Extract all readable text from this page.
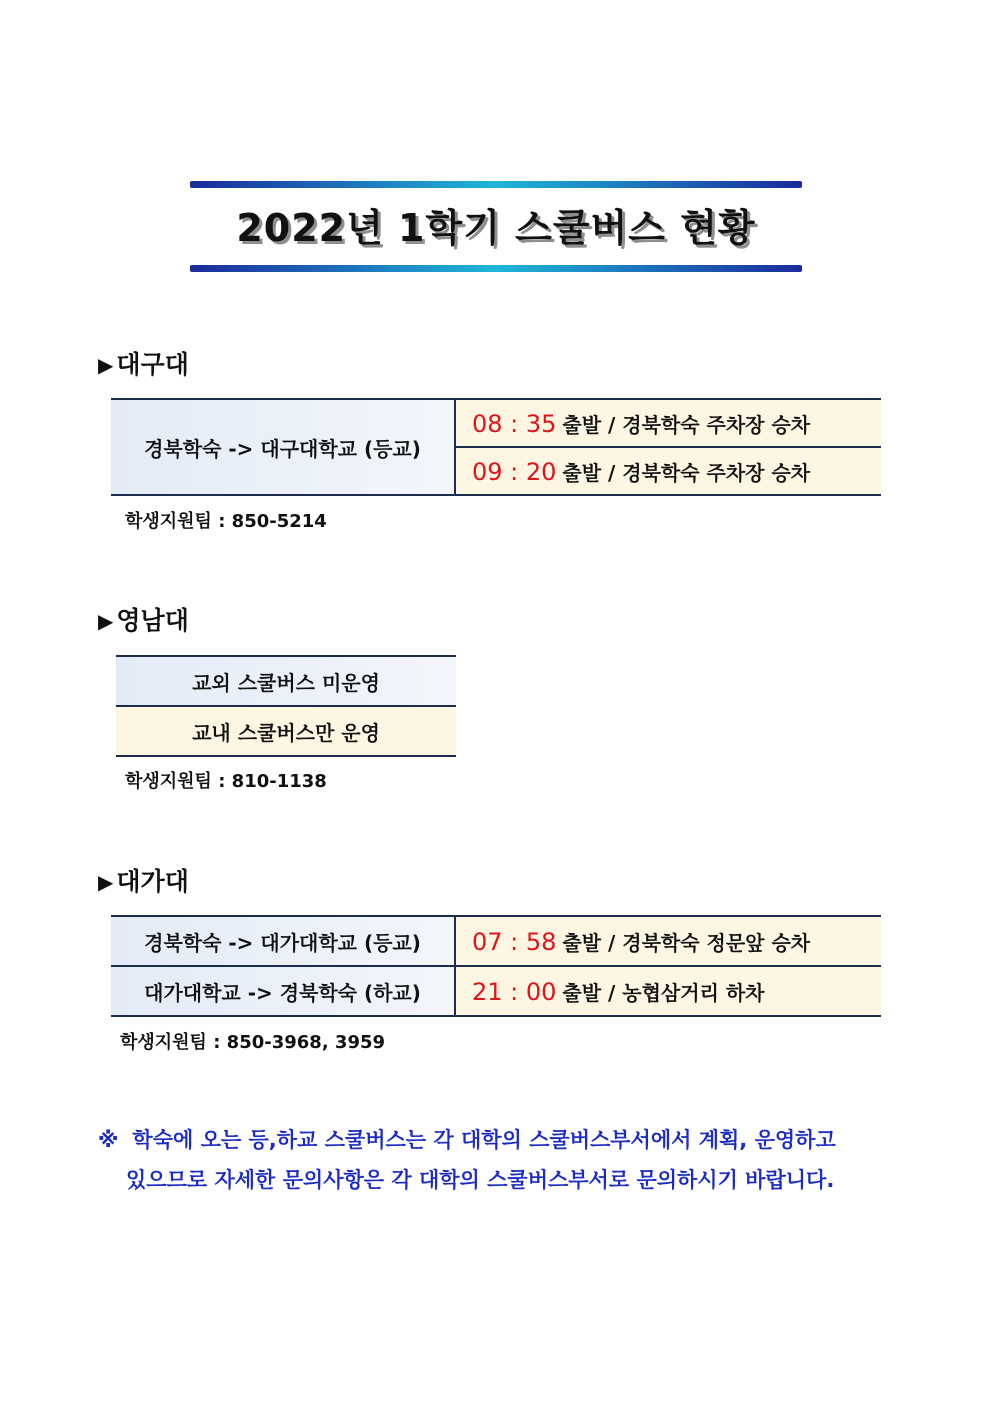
2022년 1학기 스쿨버스 현황
▶ 대구대
경북학숙 -> 대구대학교 (등교)	08 : 35 출발 / 경북학숙 주차장 승차
09 : 20 출발 / 경북학숙 주차장 승차
학생지원팀 : 850-5214
▶ 영남대
교외 스쿨버스 미운영
교내 스쿨버스만 운영
학생지원팀 : 810-1138
▶ 대가대
경북학숙 -> 대가대학교 (등교)	07 : 58 출발 / 경북학숙 정문앞 승차
대가대학교 -> 경북학숙 (하교)	21 : 00 출발 / 농협삼거리 하차
학생지원팀 : 850-3968, 3959
※ 학숙에 오는 등,하교 스쿨버스는 각 대학의 스쿨버스부서에서 계획, 운영하고
있으므로 자세한 문의사항은 각 대학의 스쿨버스부서로 문의하시기 바랍니다.
